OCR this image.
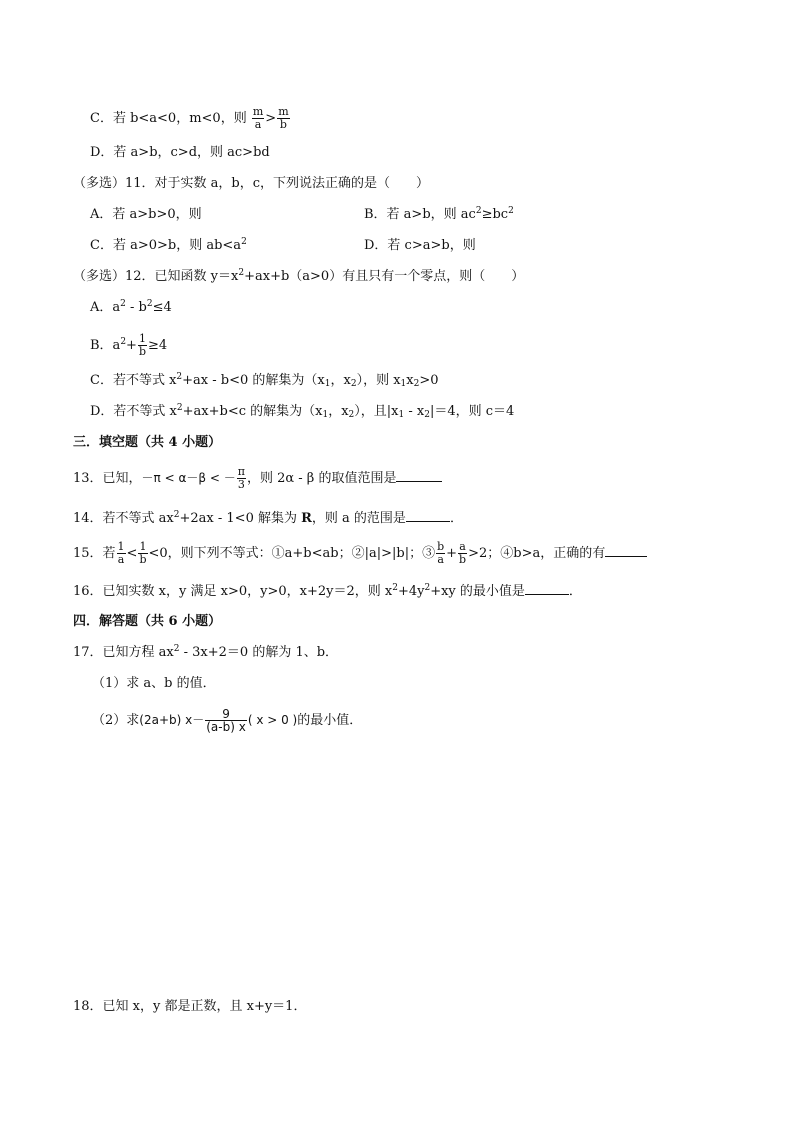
C．若 b<a<0，m<0，则 $\frac{m}{a} > \frac{m}{b}$
D．若 a>b，c>d，则 ac>bd
（多选）11．对于实数 a，b，c，下列说法正确的是（　　）
A．若 a>b>0，则	B．若 a>b，则 $ac^2\ge bc^2$
C．若 a>0>b，则 $ab<a^2$	D．若 c>a>b，则
（多选）12．已知函数 $y=x^2+ax+b(a>0)$有且只有一个零点，则（　　）
A．$a^2 - b^2\le 4$
B．$a^2+ \frac{1}{b} \ge 4$
C．若不等式 $x^2+ax - b<0$ 的解集为（$x_1$，$x_2$），则 $x_1x_2>0$
D．若不等式 $x^2+ax+b<c$ 的解集为（$x_1$，$x_2$），且$|x_1 - x_2|=4$，则 c＝4
三．填空题（共 4 小题）
13．已知，－π < α－β < － $\frac{\pi}{3}$ ，则 2α - β 的取值范围是
14．若不等式 $ax^2+2ax - 1<0$ 解集为 R，则 a 的范围是	．
15．若 $\frac{1}{a} < \frac{1}{b} <0$，则下列不等式：①a+b<ab；②|a|>|b|；③ $\frac{b}{a} + \frac{a}{b} >2$；④b>a，正确的有
16．已知实数 x，y 满足 x>0，y>0，x+2y＝2，则 $x^2+4y^2+xy$ 的最小值是	．
四．解答题（共 6 小题）
17．已知方程 $ax^2 - 3x+2=0$ 的解为 1、b．
（1）求 a、b 的值．
（2）求(2a+b) $x- \frac{9}{(a-b) x}$ ( x > 0 )的最小值．
18．已知 x，y 都是正数，且 x+y＝1．
